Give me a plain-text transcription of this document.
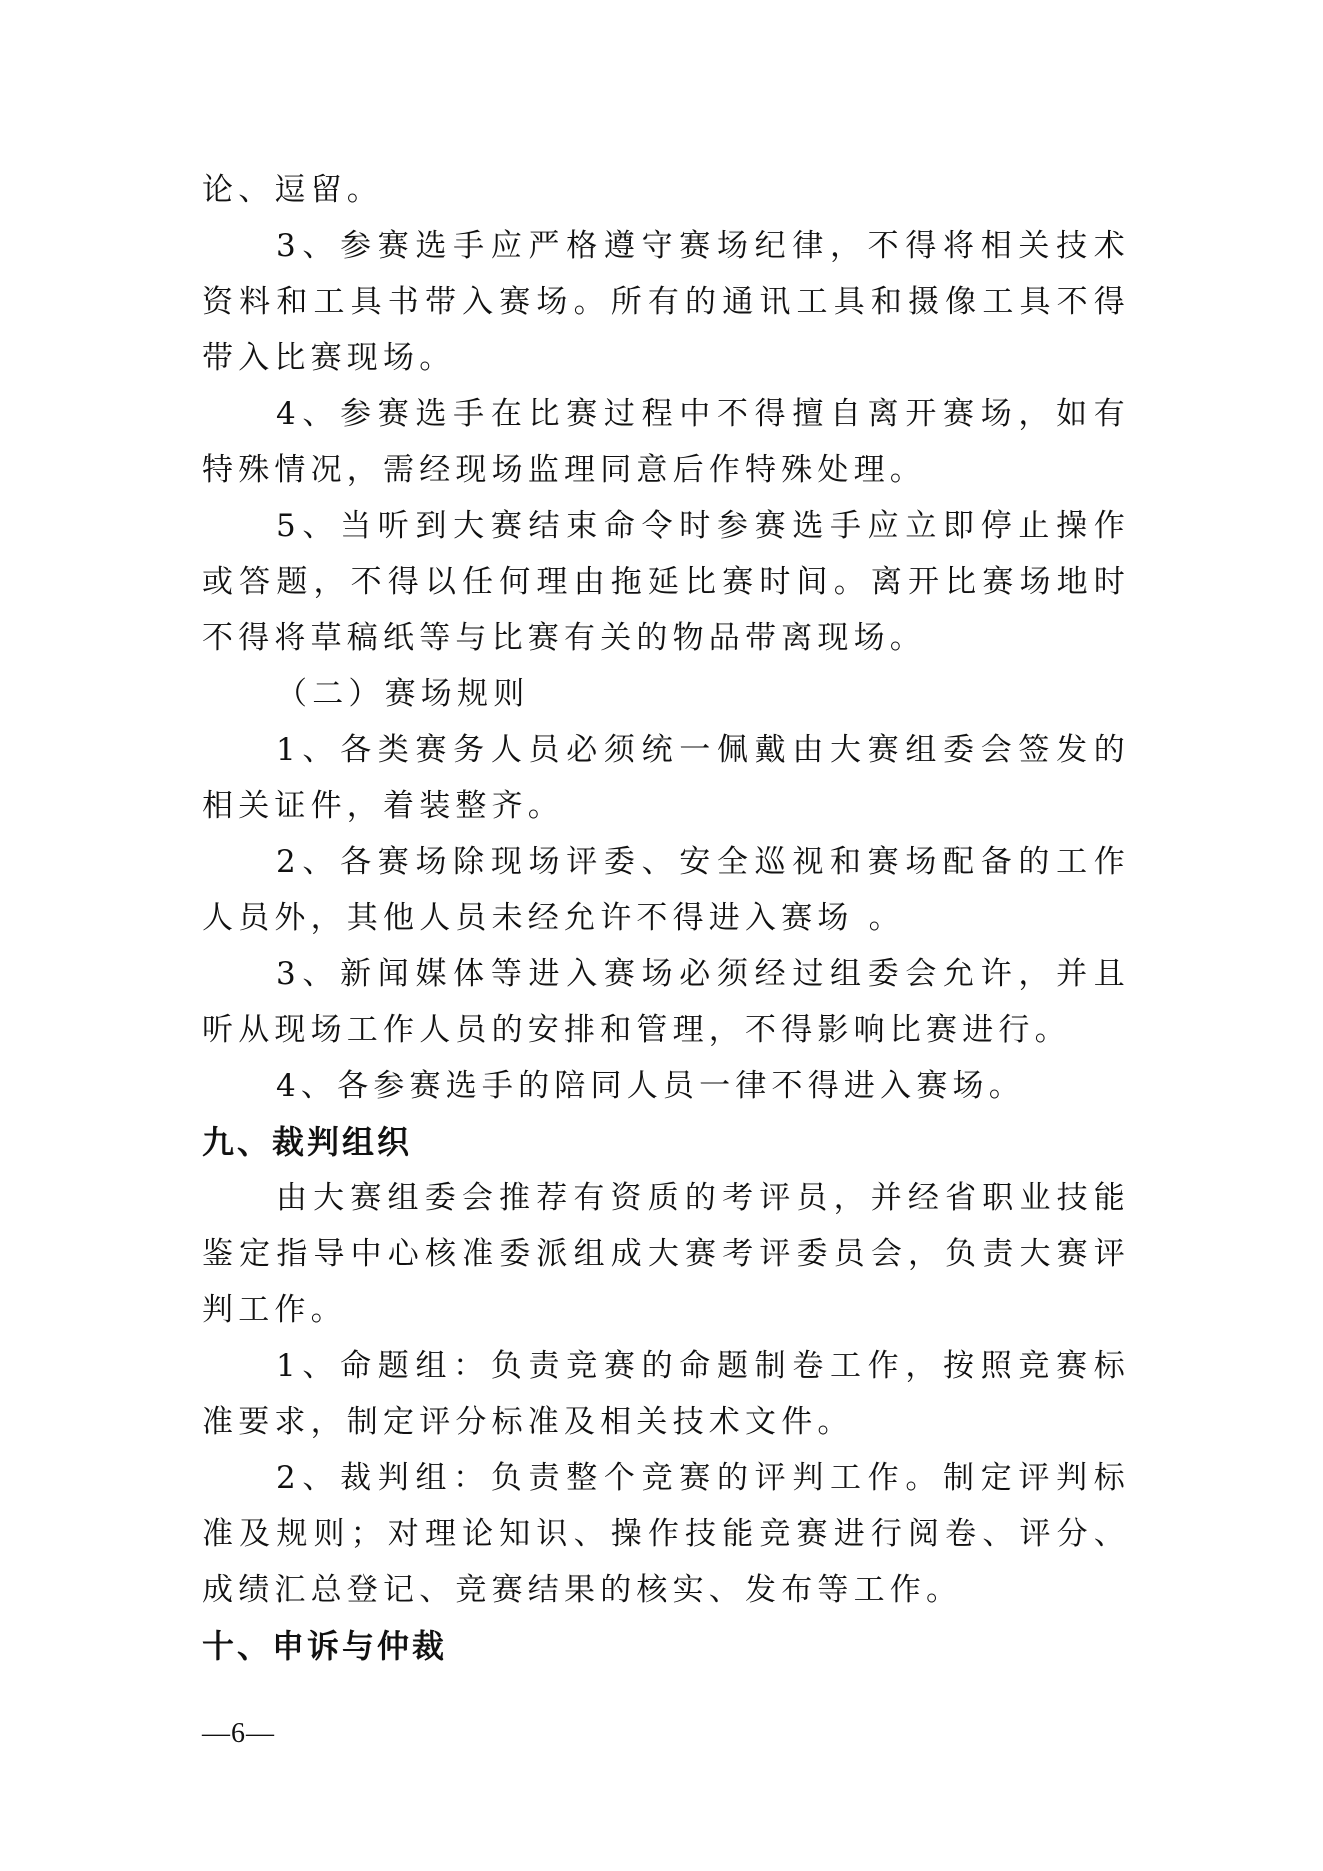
论、逗留。

3、参赛选手应严格遵守赛场纪律，不得将相关技术资料和工具书带入赛场。所有的通讯工具和摄像工具不得带入比赛现场。

4、参赛选手在比赛过程中不得擅自离开赛场，如有特殊情况，需经现场监理同意后作特殊处理。

5、当听到大赛结束命令时参赛选手应立即停止操作或答题，不得以任何理由拖延比赛时间。离开比赛场地时不得将草稿纸等与比赛有关的物品带离现场。

（二）赛场规则

1、各类赛务人员必须统一佩戴由大赛组委会签发的相关证件，着装整齐。

2、各赛场除现场评委、安全巡视和赛场配备的工作人员外，其他人员未经允许不得进入赛场 。

3、新闻媒体等进入赛场必须经过组委会允许，并且听从现场工作人员的安排和管理，不得影响比赛进行。

4、各参赛选手的陪同人员一律不得进入赛场。

九、裁判组织

由大赛组委会推荐有资质的考评员，并经省职业技能鉴定指导中心核准委派组成大赛考评委员会，负责大赛评判工作。

1、命题组：负责竞赛的命题制卷工作，按照竞赛标准要求，制定评分标准及相关技术文件。

2、裁判组：负责整个竞赛的评判工作。制定评判标准及规则；对理论知识、操作技能竞赛进行阅卷、评分、成绩汇总登记、竞赛结果的核实、发布等工作。

十、申诉与仲裁
—6—
